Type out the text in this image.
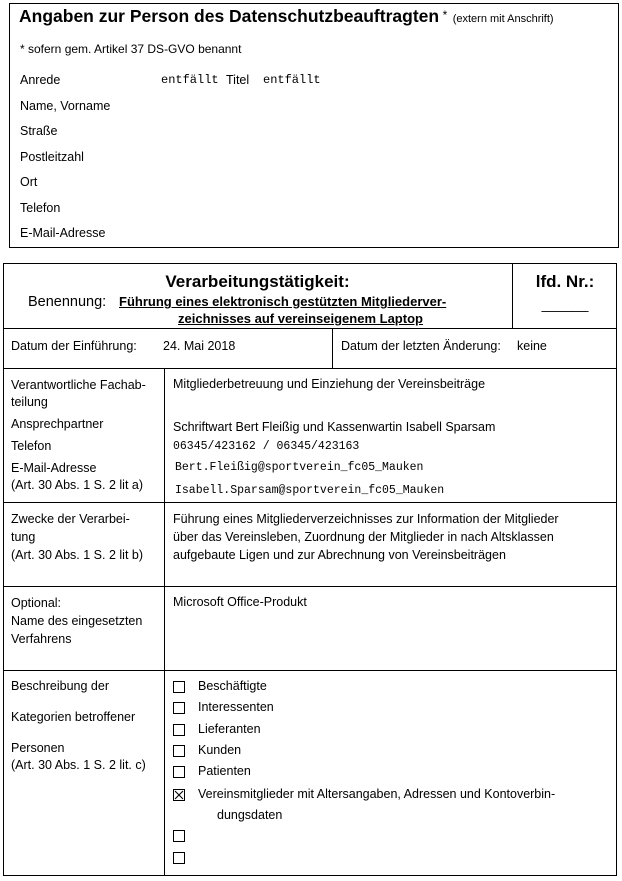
Angaben zur Person des Datenschutzbeauftragten * (extern mit Anschrift)
* sofern gem. Artikel 37 DS-GVO benannt
Anrede	entfällt Titel entfällt
Name, Vorname
Straße
Postleitzahl
Ort
Telefon
E-Mail-Adresse
Verarbeitungstätigkeit:
Benennung: Führung eines elektronisch gestützten Mitgliederver-
zeichnisses auf vereinseigenem Laptop
lfd. Nr.:
______
Datum der Einführung: 24. Mai 2018	Datum der letzten Änderung: keine
Verantwortliche Fachab-
teilung
Ansprechpartner
Telefon
E-Mail-Adresse
(Art. 30 Abs. 1 S. 2 lit a)
Mitgliederbetreuung und Einziehung der Vereinsbeiträge
Schriftwart Bert Fleißig und Kassenwartin Isabell Sparsam
06345/423162 / 06345/423163
Bert.Fleißig@sportverein_fc05_Mauken
Isabell.Sparsam@sportverein_fc05_Mauken
Zwecke der Verarbei-
tung
(Art. 30 Abs. 1 S. 2 lit b)
Führung eines Mitgliederverzeichnisses zur Information der Mitglieder
über das Vereinsleben, Zuordnung der Mitglieder in nach Altsklassen
aufgebaute Ligen und zur Abrechnung von Vereinsbeiträgen
Optional:
Name des eingesetzten
Verfahrens
Microsoft Office-Produkt
Beschreibung der
Kategorien betroffener
Personen
(Art. 30 Abs. 1 S. 2 lit. c)
Beschäftigte
Interessenten
Lieferanten
Kunden
Patienten
Vereinsmitglieder mit Altersangaben, Adressen und Kontoverbin-
dungsdaten
